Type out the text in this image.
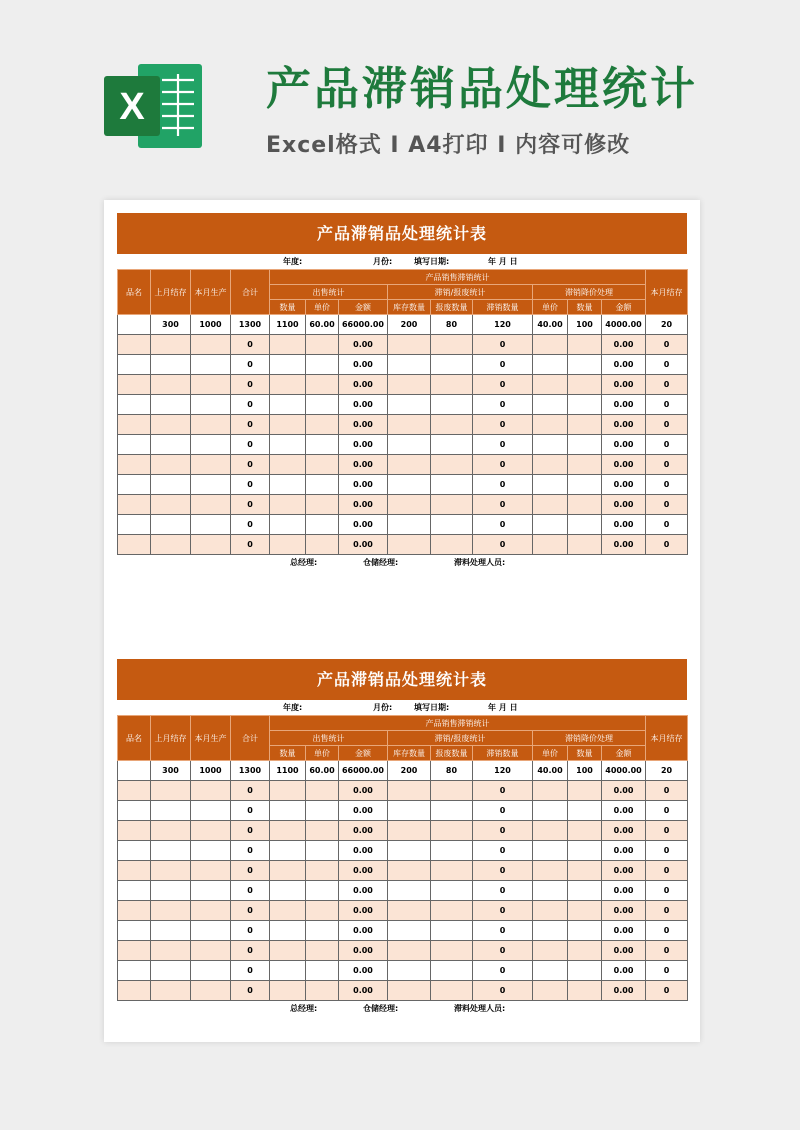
X	产品滞销品处理统计
Excel格式 I A4打印 I 内容可修改
产品滞销品处理统计表
年度:	月份:	填写日期:	年 月 日
品名	上月结存	本月生产	合计	产品销售滞销统计									本月结存
				出售统计			滞销/报废统计			滞销降价处理			
				数量	单价	金额	库存数量	报废数量	滞销数量	单价	数量	金额	
	300	1000	1300	1100	60.00	66000.00	200	80	120	40.00	100	4000.00	20
			0			0.00			0			0.00	0
			0			0.00			0			0.00	0
			0			0.00			0			0.00	0
			0			0.00			0			0.00	0
			0			0.00			0			0.00	0
			0			0.00			0			0.00	0
			0			0.00			0			0.00	0
			0			0.00			0			0.00	0
			0			0.00			0			0.00	0
			0			0.00			0			0.00	0
			0			0.00			0			0.00	0
总经理:	仓储经理:	滞料处理人员:
产品滞销品处理统计表
年度:	月份:	填写日期:	年 月 日
品名	上月结存	本月生产	合计	产品销售滞销统计									本月结存
				出售统计			滞销/报废统计			滞销降价处理			
				数量	单价	金额	库存数量	报废数量	滞销数量	单价	数量	金额	
	300	1000	1300	1100	60.00	66000.00	200	80	120	40.00	100	4000.00	20
			0			0.00			0			0.00	0
			0			0.00			0			0.00	0
			0			0.00			0			0.00	0
			0			0.00			0			0.00	0
			0			0.00			0			0.00	0
			0			0.00			0			0.00	0
			0			0.00			0			0.00	0
			0			0.00			0			0.00	0
			0			0.00			0			0.00	0
			0			0.00			0			0.00	0
			0			0.00			0			0.00	0
总经理:	仓储经理:	滞料处理人员:
